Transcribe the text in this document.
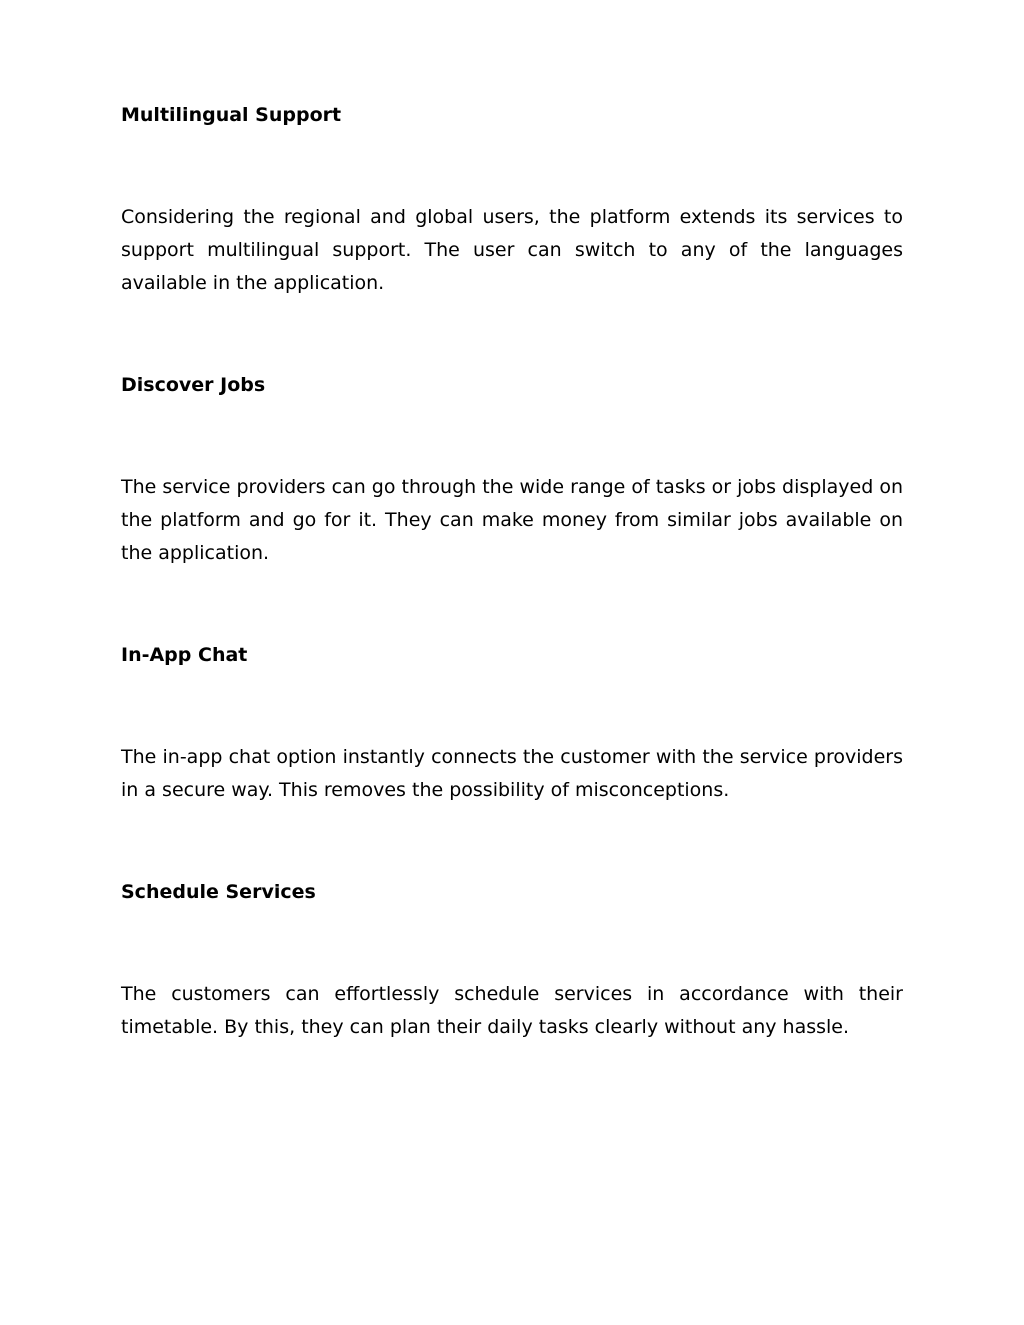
Multilingual Support

Considering the regional and global users, the platform extends its services to support multilingual support. The user can switch to any of the languages available in the application.

Discover Jobs

The service providers can go through the wide range of tasks or jobs displayed on the platform and go for it. They can make money from similar jobs available on the application.

In-App Chat

The in-app chat option instantly connects the customer with the service providers in a secure way. This removes the possibility of misconceptions.

Schedule Services

The customers can effortlessly schedule services in accordance with their timetable. By this, they can plan their daily tasks clearly without any hassle.
